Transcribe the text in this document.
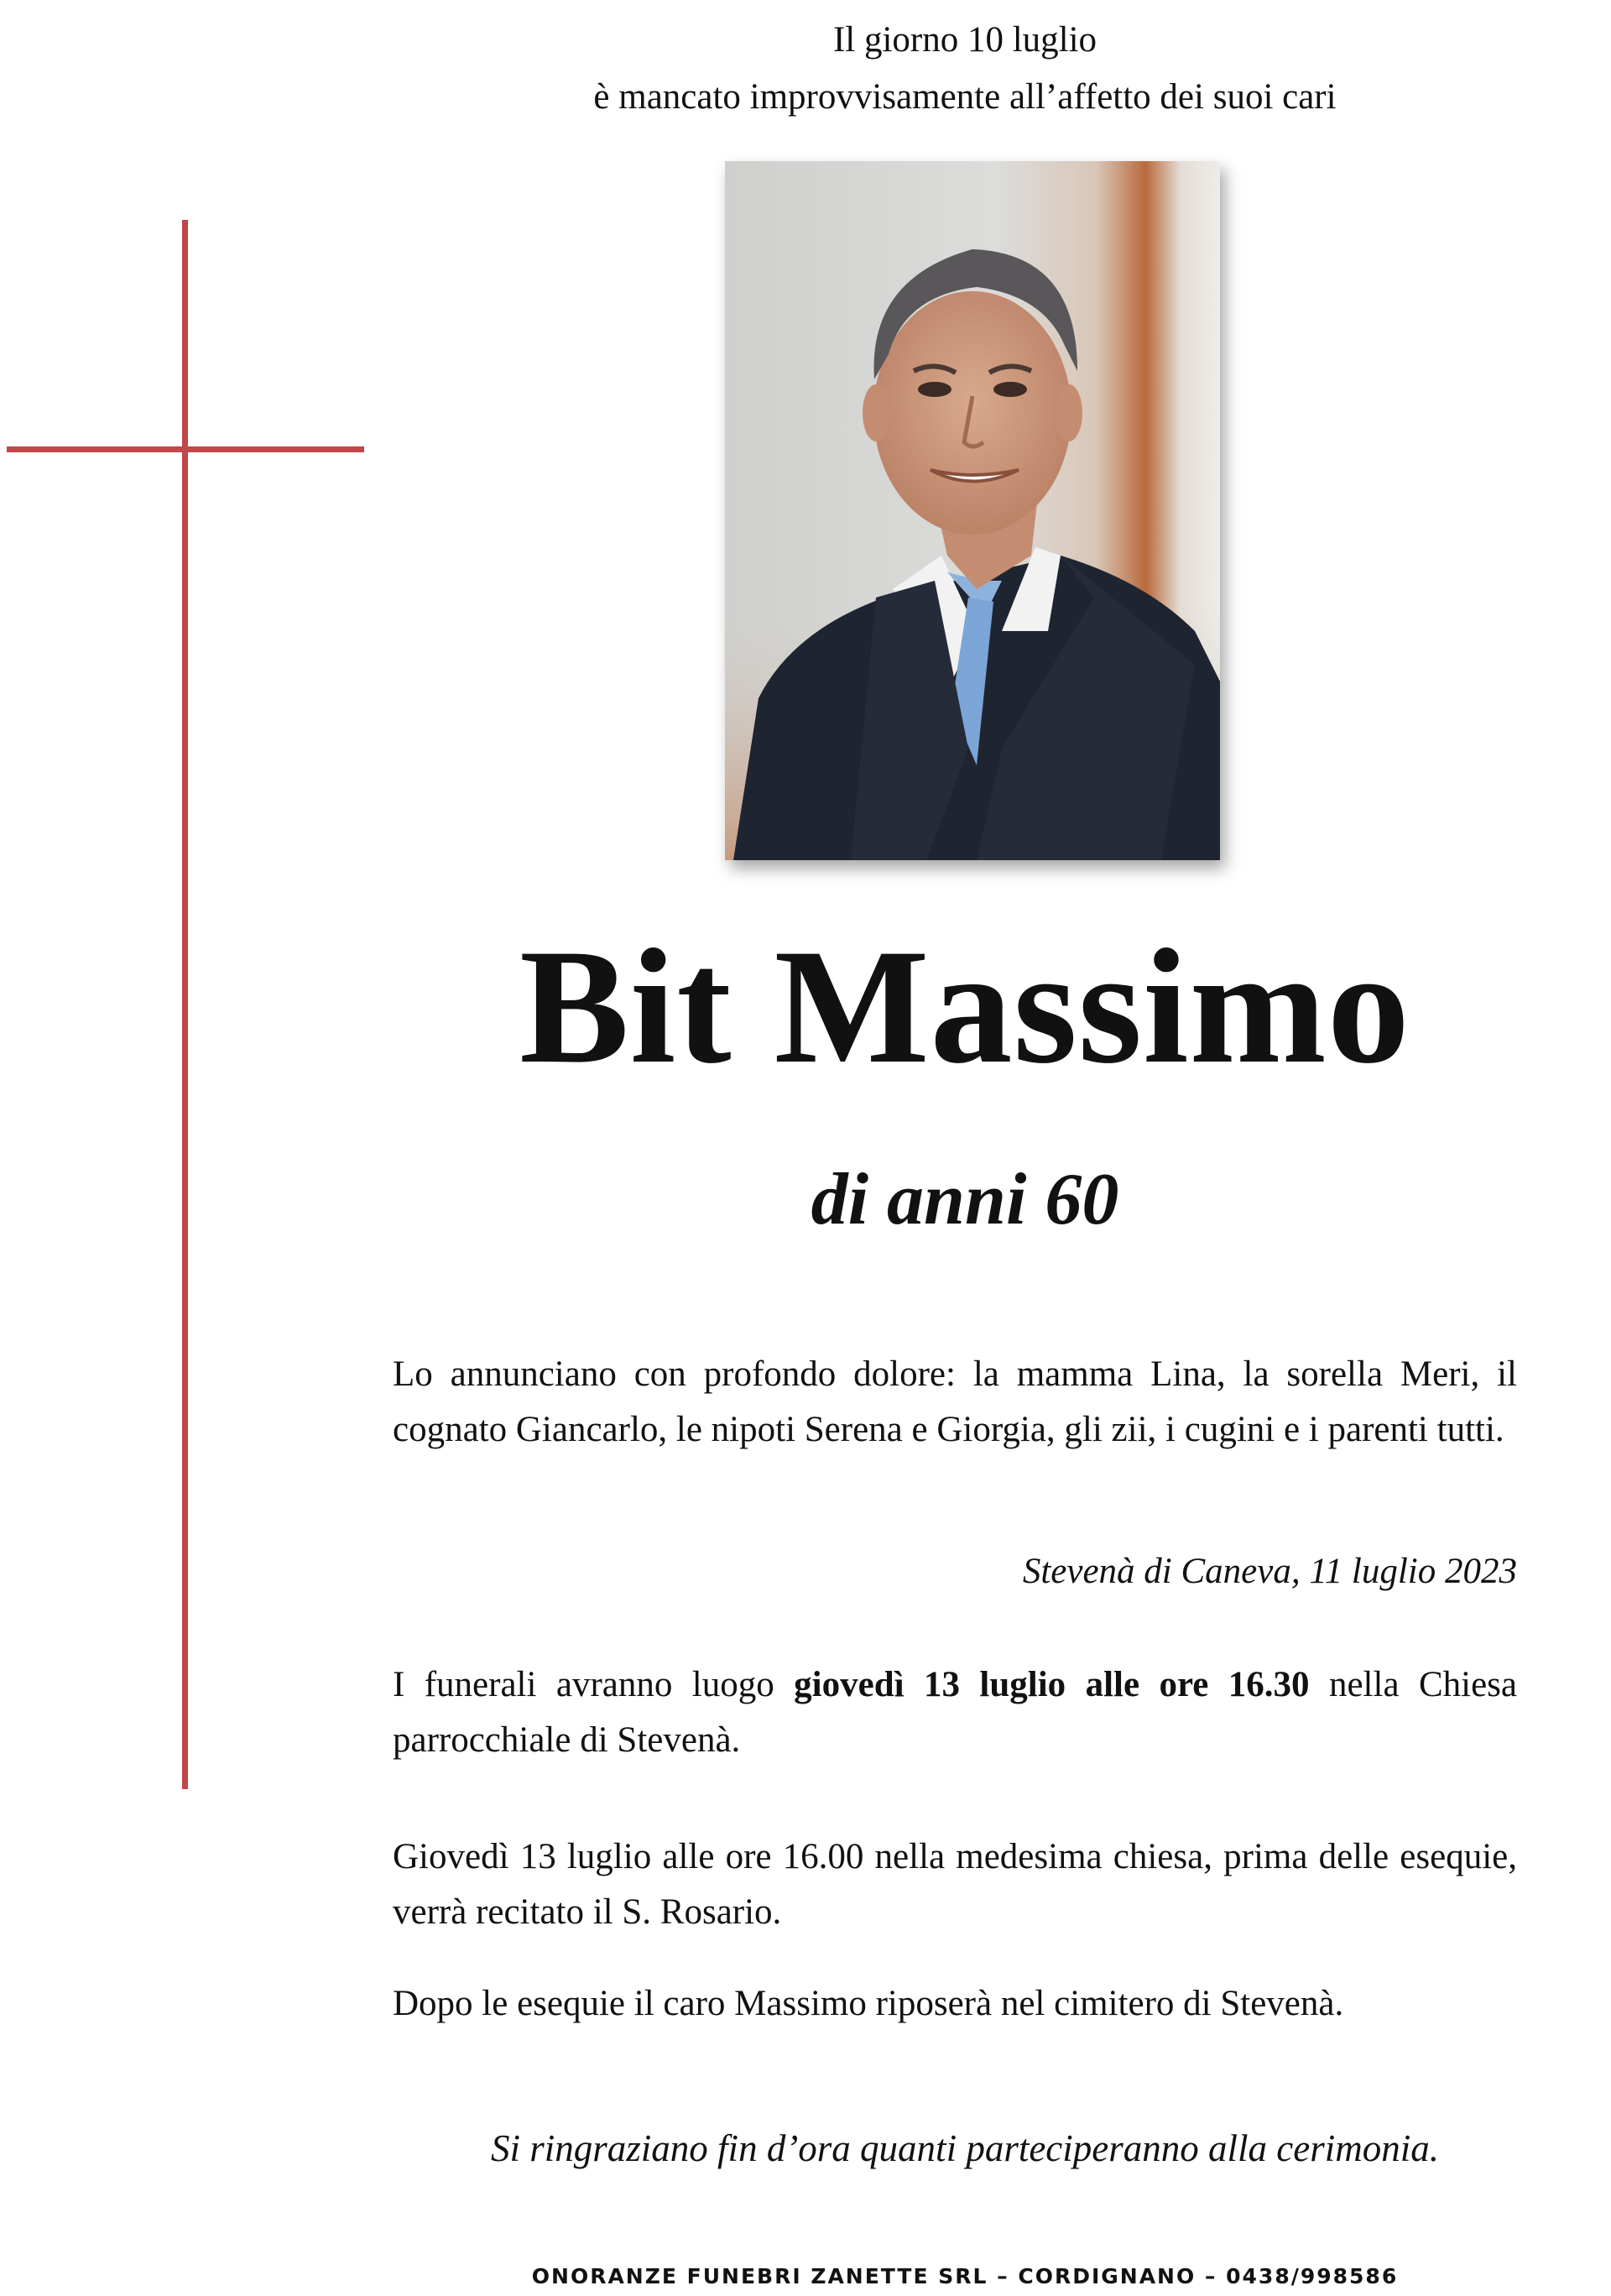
Il giorno 10 luglio
è mancato improvvisamente all’affetto dei suoi cari
Bit Massimo
di anni 60
Lo annunciano con profondo dolore: la mamma Lina, la sorella Meri, il cognato Giancarlo, le nipoti Serena e Giorgia, gli zii, i cugini e i parenti tutti.
Stevenà di Caneva, 11 luglio 2023
I funerali avranno luogo giovedì 13 luglio alle ore 16.30 nella Chiesa parrocchiale di Stevenà.
Giovedì 13 luglio alle ore 16.00 nella medesima chiesa, prima delle esequie, verrà recitato il S. Rosario.
Dopo le esequie il caro Massimo riposerà nel cimitero di Stevenà.
Si ringraziano fin d’ora quanti parteciperanno alla cerimonia.
ONORANZE FUNEBRI ZANETTE SRL – CORDIGNANO – 0438/998586
